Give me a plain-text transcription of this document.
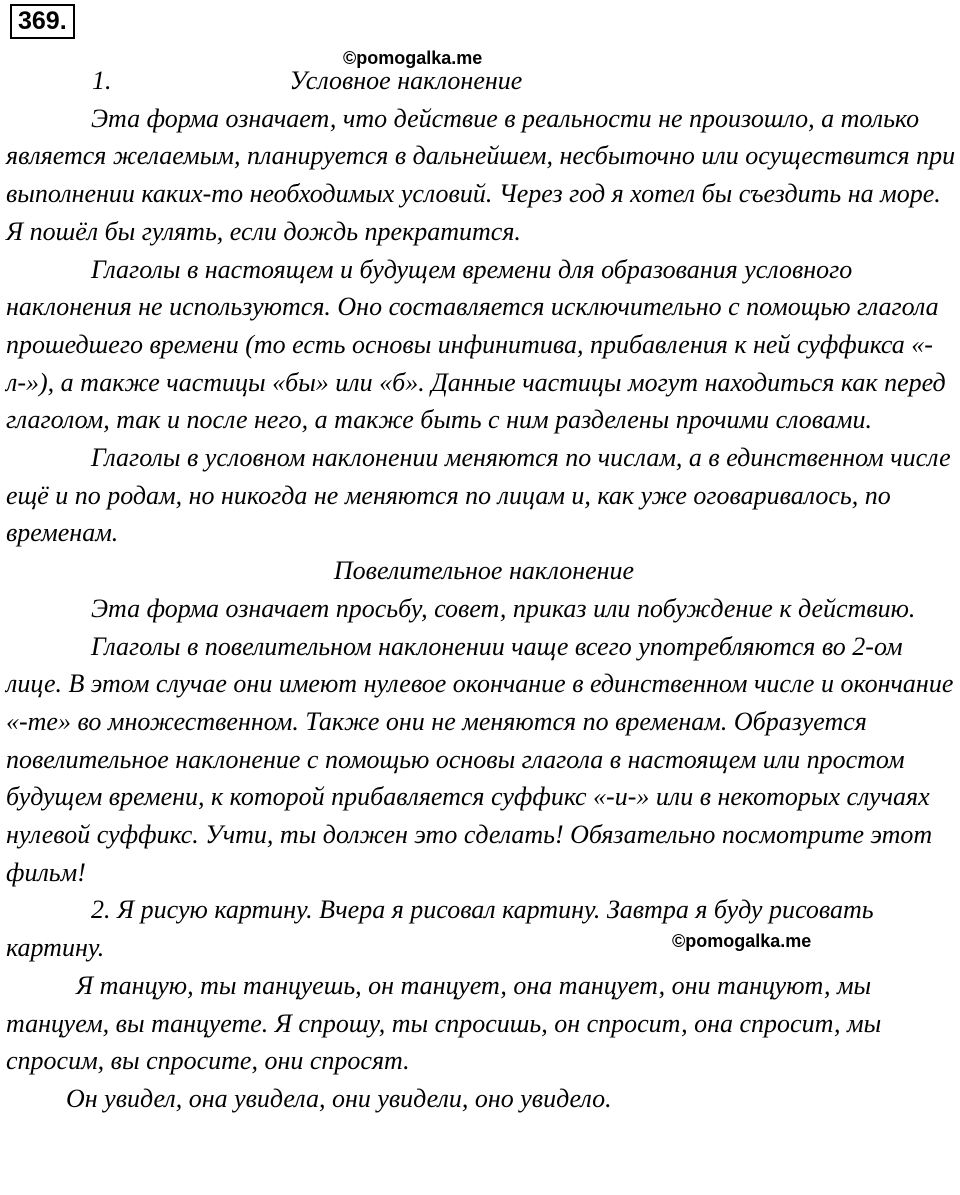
369.
©pomogalka.me

1.	Условное наклонение

Эта форма означает, что действие в реальности не произошло, а только является желаемым, планируется в дальнейшем, несбыточно или осуществится при выполнении каких-то необходимых условий. Через год я хотел бы съездить на море. Я пошёл бы гулять, если дождь прекратится.

Глаголы в настоящем и будущем времени для образования условного наклонения не используются. Оно составляется исключительно с помощью глагола прошедшего времени (то есть основы инфинитива, прибавления к ней суффикса «-л-»), а также частицы «бы» или «б». Данные частицы могут находиться как перед глаголом, так и после него, а также быть с ним разделены прочими словами.

Глаголы в условном наклонении меняются по числам, а в единственном числе ещё и по родам, но никогда не меняются по лицам и, как уже оговаривалось, по временам.

Повелительное наклонение

Эта форма означает просьбу, совет, приказ или побуждение к действию.

Глаголы в повелительном наклонении чаще всего употребляются во 2-ом лице. В этом случае они имеют нулевое окончание в единственном числе и окончание «-те» во множественном. Также они не меняются по временам. Образуется повелительное наклонение с помощью основы глагола в настоящем или простом будущем времени, к которой прибавляется суффикс «-и-» или в некоторых случаях нулевой суффикс. Учти, ты должен это сделать! Обязательно посмотрите этот фильм!

2. Я рисую картину. Вчера я рисовал картину. Завтра я буду рисовать картину.

Я танцую, ты танцуешь, он танцует, она танцует, они танцуют, мы танцуем, вы танцуете. Я спрошу, ты спросишь, он спросит, она спросит, мы спросим, вы спросите, они спросят.

Он увидел, она увидела, они увидели, оно увидело.

©pomogalka.me
